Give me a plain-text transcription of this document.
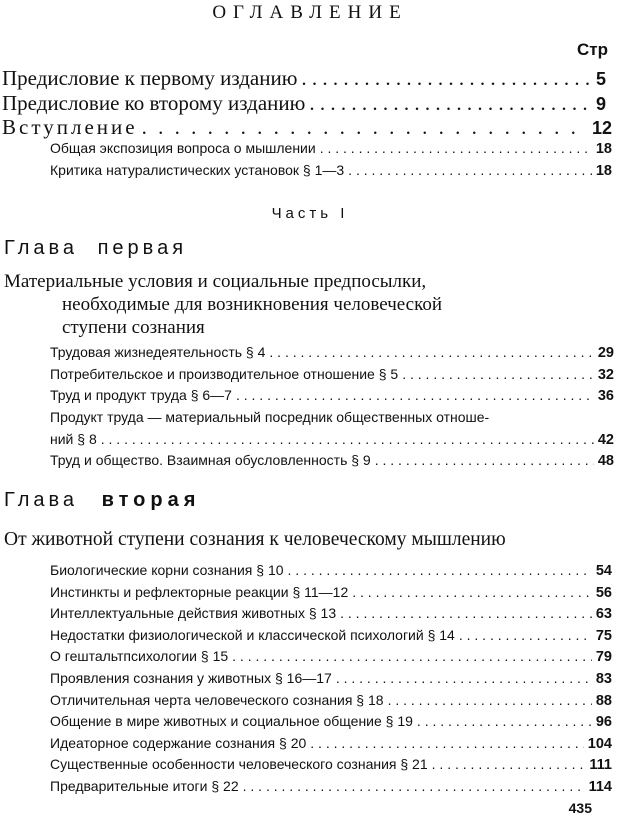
ОГЛАВЛЕНИЕ
Стр
Предисловие к первому изданию . . .	5
Предисловие ко второму изданию . . .	9
Вступление . . .	12
Общая экспозиция вопроса о мышлении . . .	18
Критика натуралистических установок § 1—3 . . .	18
Часть I
Глава первая
Материальные условия и социальные предпосылки,
необходимые для возникновения человеческой
ступени сознания
Трудовая жизнедеятельность § 4 . . .	29
Потребительское и производительное отношение § 5 . . .	32
Труд и продукт труда § 6—7 . . .	36
Продукт труда — материальный посредник общественных отноше-
ний § 8 . . .	42
Труд и общество. Взаимная обусловленность § 9 . . .	48
Глава вторая
От животной ступени сознания к человеческому мышлению
Биологические корни сознания § 10 . . .	54
Инстинкты и рефлекторные реакции § 11—12 . . .	56
Интеллектуальные действия животных § 13 . . .	63
Недостатки физиологической и классической психологий § 14 . . .	75
О гештальтпсихологии § 15 . . .	79
Проявления сознания у животных § 16—17 . . .	83
Отличительная черта человеческого сознания § 18 . . .	88
Общение в мире животных и социальное общение § 19 . . .	96
Идеаторное содержание сознания § 20 . . .	104
Существенные особенности человеческого сознания § 21 . . .	111
Предварительные итоги § 22 . . .	114
435
